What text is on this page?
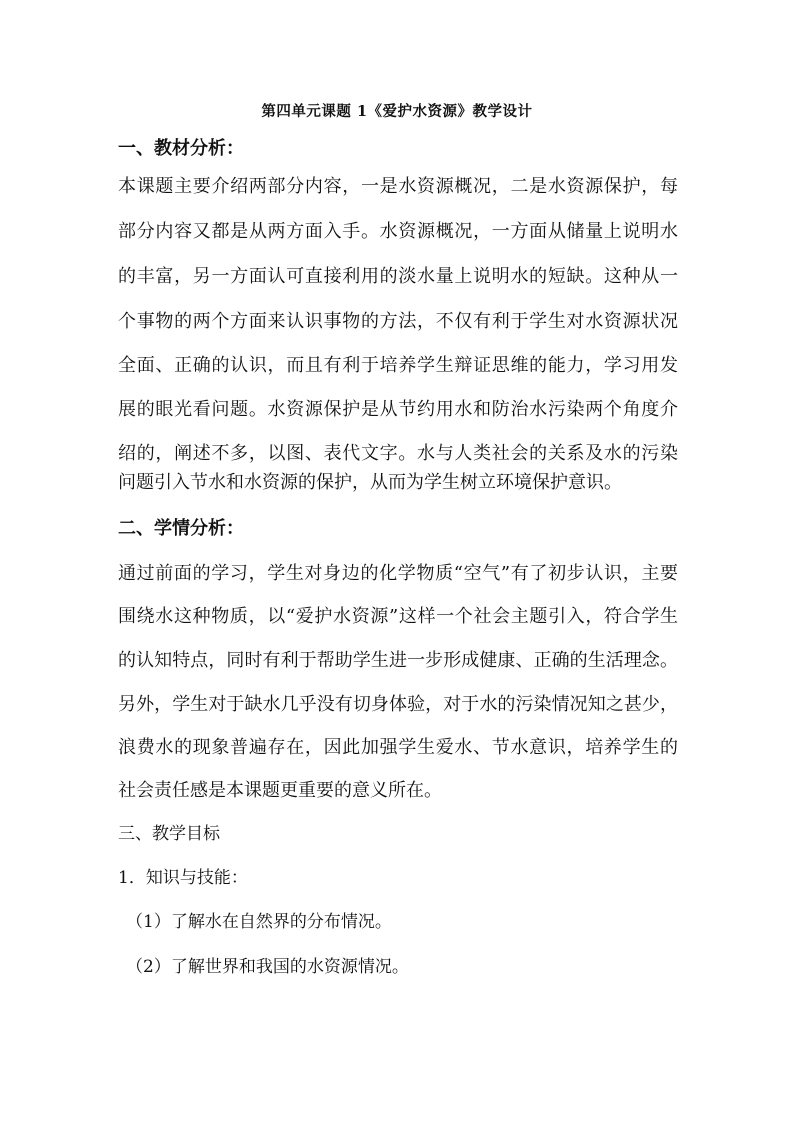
第四单元课题 1《爱护水资源》教学设计
一、教材分析：
本课题主要介绍两部分内容，一是水资源概况，二是水资源保护，每
部分内容又都是从两方面入手。水资源概况，一方面从储量上说明水
的丰富，另一方面认可直接利用的淡水量上说明水的短缺。这种从一
个事物的两个方面来认识事物的方法，不仅有利于学生对水资源状况
全面、正确的认识，而且有利于培养学生辩证思维的能力，学习用发
展的眼光看问题。水资源保护是从节约用水和防治水污染两个角度介
绍的，阐述不多，以图、表代文字。水与人类社会的关系及水的污染
问题引入节水和水资源的保护，从而为学生树立环境保护意识。
二、学情分析：
通过前面的学习，学生对身边的化学物质“空气”有了初步认识，主要
围绕水这种物质，以“爱护水资源”这样一个社会主题引入，符合学生
的认知特点，同时有利于帮助学生进一步形成健康、正确的生活理念。
另外，学生对于缺水几乎没有切身体验，对于水的污染情况知之甚少，
浪费水的现象普遍存在，因此加强学生爱水、节水意识，培养学生的
社会责任感是本课题更重要的意义所在。
三、教学目标
1．知识与技能：
（1）了解水在自然界的分布情况。
（2）了解世界和我国的水资源情况。
